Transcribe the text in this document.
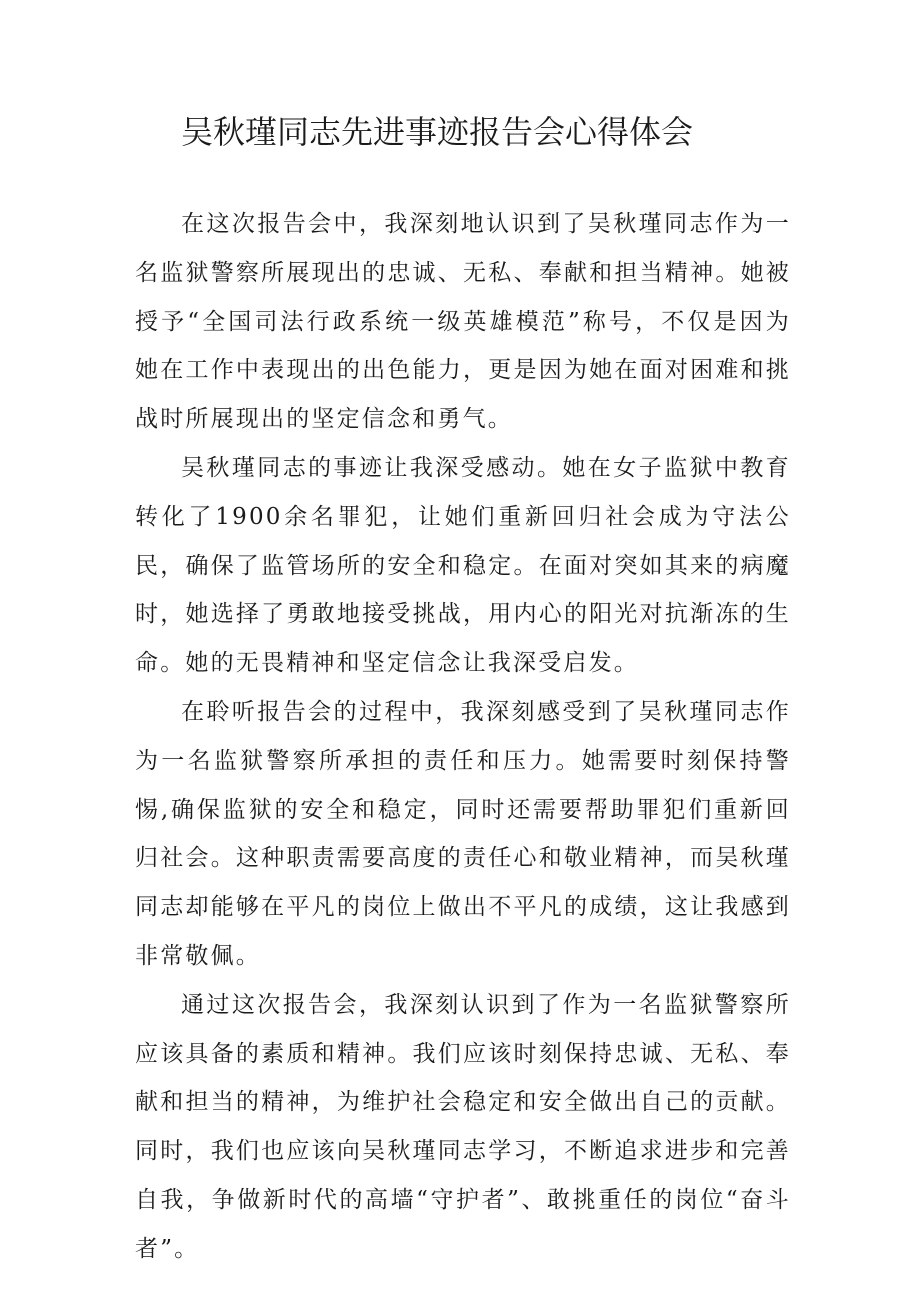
吴秋瑾同志先进事迹报告会心得体会

在这次报告会中，我深刻地认识到了吴秋瑾同志作为一名监狱警察所展现出的忠诚、无私、奉献和担当精神。她被授予“全国司法行政系统一级英雄模范”称号，不仅是因为她在工作中表现出的出色能力，更是因为她在面对困难和挑战时所展现出的坚定信念和勇气。

吴秋瑾同志的事迹让我深受感动。她在女子监狱中教育转化了1900余名罪犯，让她们重新回归社会成为守法公民，确保了监管场所的安全和稳定。在面对突如其来的病魔时，她选择了勇敢地接受挑战，用内心的阳光对抗渐冻的生命。她的无畏精神和坚定信念让我深受启发。

在聆听报告会的过程中，我深刻感受到了吴秋瑾同志作为一名监狱警察所承担的责任和压力。她需要时刻保持警惕,确保监狱的安全和稳定，同时还需要帮助罪犯们重新回归社会。这种职责需要高度的责任心和敬业精神，而吴秋瑾同志却能够在平凡的岗位上做出不平凡的成绩，这让我感到非常敬佩。

通过这次报告会，我深刻认识到了作为一名监狱警察所应该具备的素质和精神。我们应该时刻保持忠诚、无私、奉献和担当的精神，为维护社会稳定和安全做出自己的贡献。同时，我们也应该向吴秋瑾同志学习，不断追求进步和完善自我，争做新时代的高墙“守护者”、敢挑重任的岗位“奋斗者”。
